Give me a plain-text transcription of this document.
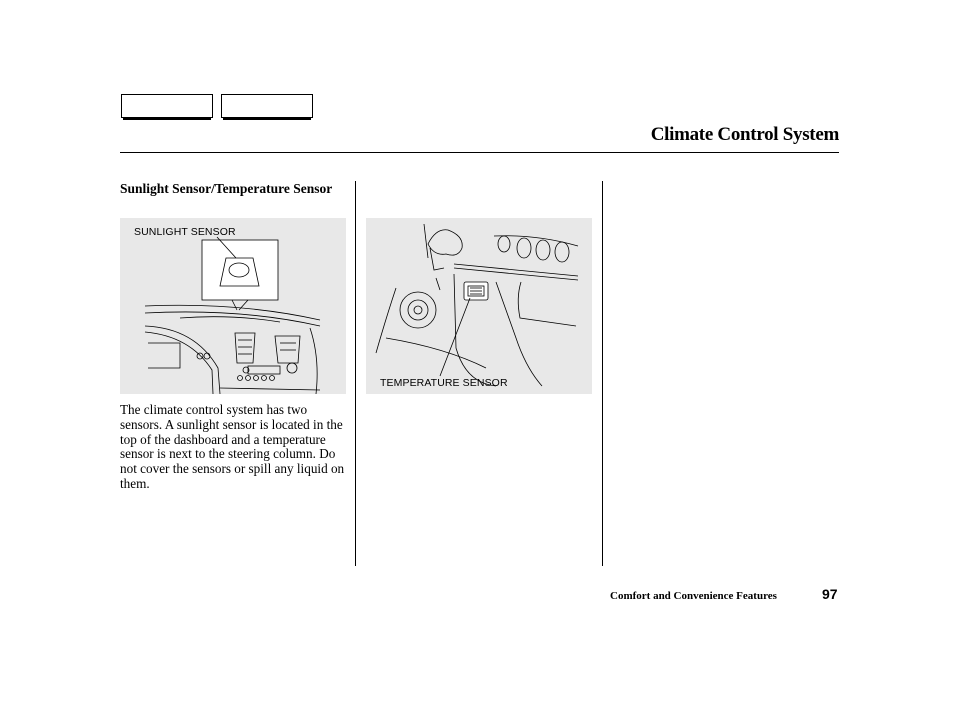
Climate Control System
Sunlight Sensor/Temperature Sensor
SUNLIGHT SENSOR
TEMPERATURE SENSOR
The climate control system has two sensors. A sunlight sensor is located in the top of the dashboard and a temperature sensor is next to the steering column. Do not cover the sensors or spill any liquid on them.
Comfort and Convenience Features	97
